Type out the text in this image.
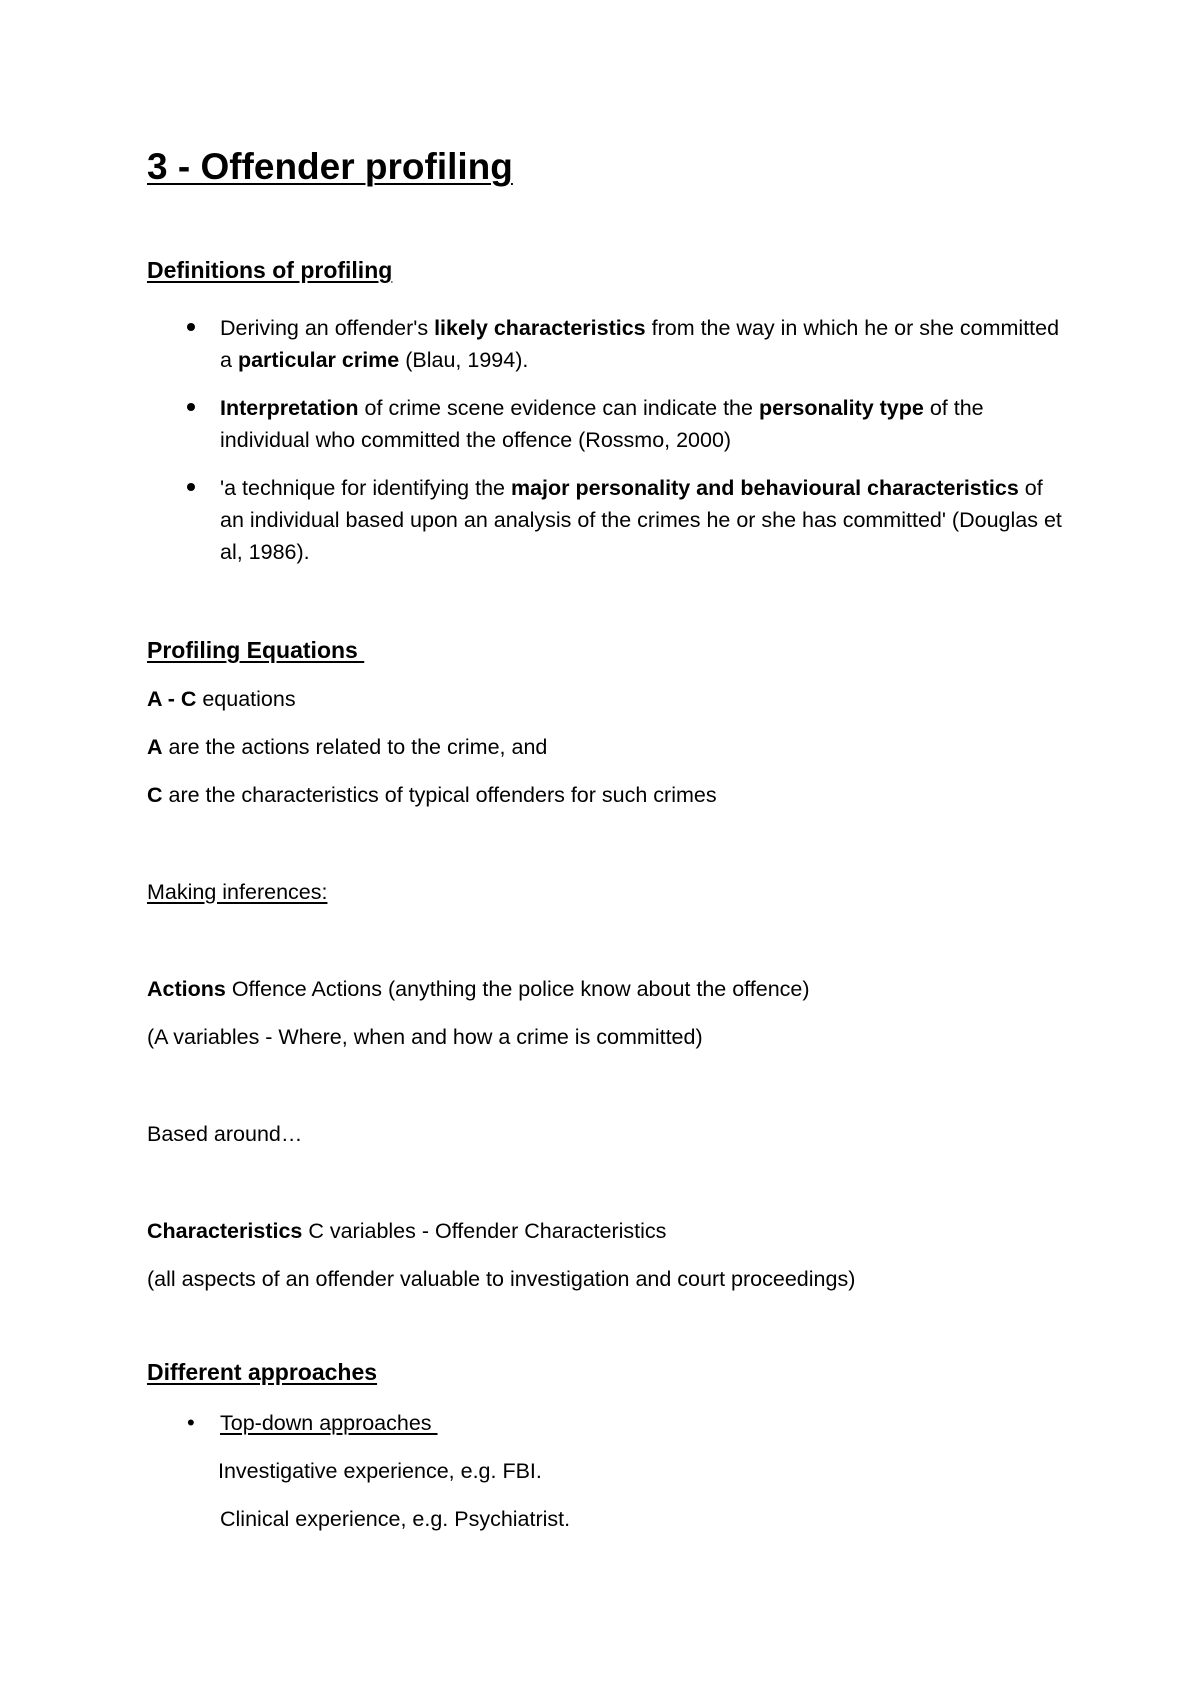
3 - Offender profiling
Definitions of profiling

Deriving an offender's likely characteristics from the way in which he or she committed a particular crime (Blau, 1994).

Interpretation of crime scene evidence can indicate the personality type of the individual who committed the offence (Rossmo, 2000)

'a technique for identifying the major personality and behavioural characteristics of an individual based upon an analysis of the crimes he or she has committed' (Douglas et al, 1986).

Profiling Equations

A - C equations

A are the actions related to the crime, and

C are the characteristics of typical offenders for such crimes

Making inferences:

Actions Offence Actions (anything the police know about the offence)

(A variables - Where, when and how a crime is committed)

Based around…

Characteristics C variables - Offender Characteristics

(all aspects of an offender valuable to investigation and court proceedings)

Different approaches
• Top-down approaches

Investigative experience, e.g. FBI.

Clinical experience, e.g. Psychiatrist.
